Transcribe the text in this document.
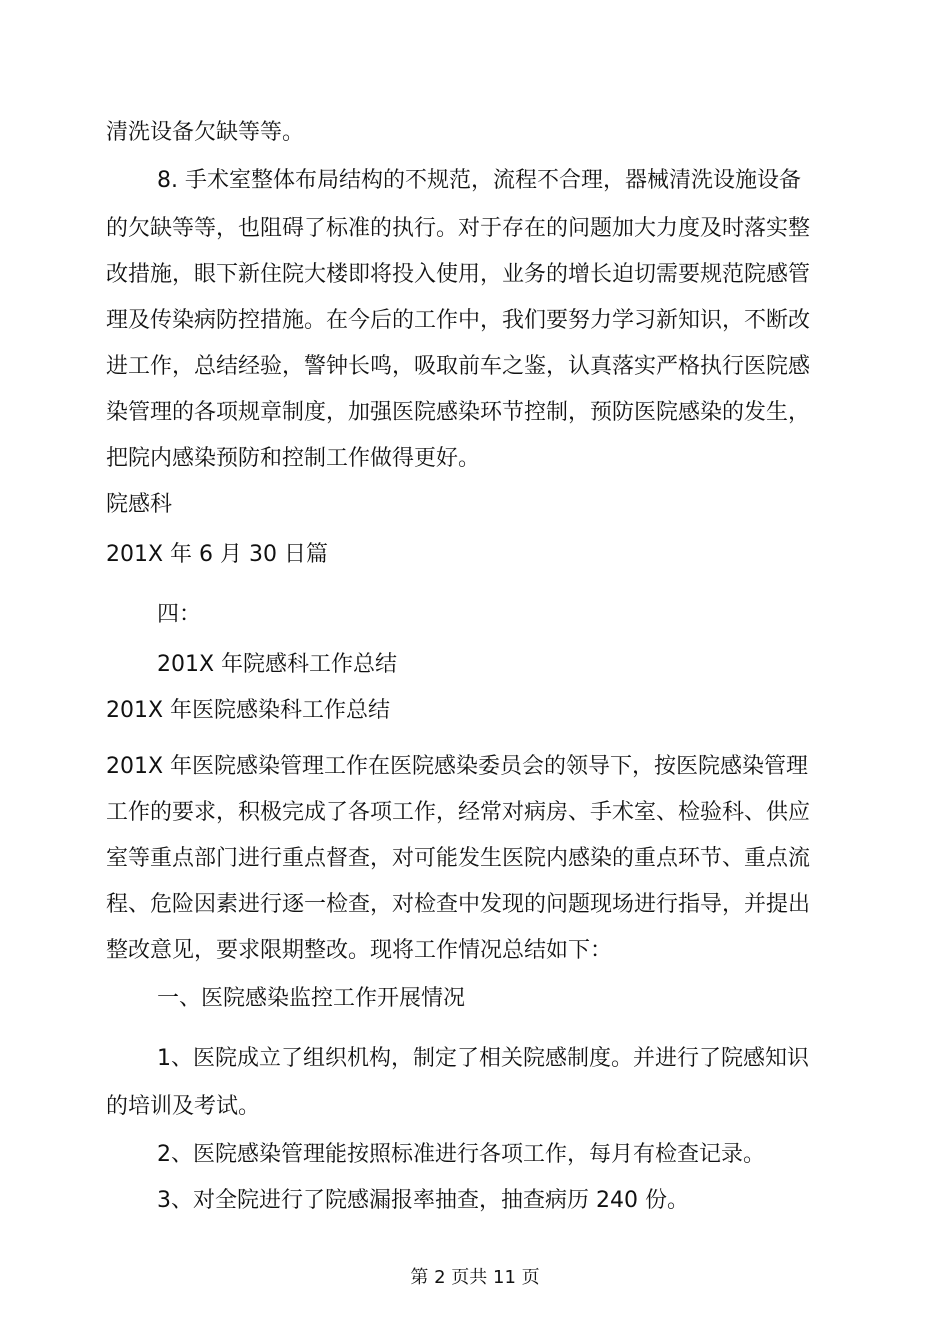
清洗设备欠缺等等。
8. 手术室整体布局结构的不规范，流程不合理，器械清洗设施设备
的欠缺等等，也阻碍了标准的执行。对于存在的问题加大力度及时落实整
改措施，眼下新住院大楼即将投入使用，业务的增长迫切需要规范院感管
理及传染病防控措施。在今后的工作中，我们要努力学习新知识，不断改
进工作，总结经验，警钟长鸣，吸取前车之鉴，认真落实严格执行医院感
染管理的各项规章制度，加强医院感染环节控制，预防医院感染的发生，
把院内感染预防和控制工作做得更好。
院感科
201X 年 6 月 30 日篇
四：
201X 年院感科工作总结
201X 年医院感染科工作总结
201X 年医院感染管理工作在医院感染委员会的领导下，按医院感染管理
工作的要求，积极完成了各项工作，经常对病房、手术室、检验科、供应
室等重点部门进行重点督查，对可能发生医院内感染的重点环节、重点流
程、危险因素进行逐一检查，对检查中发现的问题现场进行指导，并提出
整改意见，要求限期整改。现将工作情况总结如下：
一、医院感染监控工作开展情况
1、医院成立了组织机构，制定了相关院感制度。并进行了院感知识
的培训及考试。
2、医院感染管理能按照标准进行各项工作，每月有检查记录。
3、对全院进行了院感漏报率抽查，抽查病历 240 份。
第 2 页共 11 页
